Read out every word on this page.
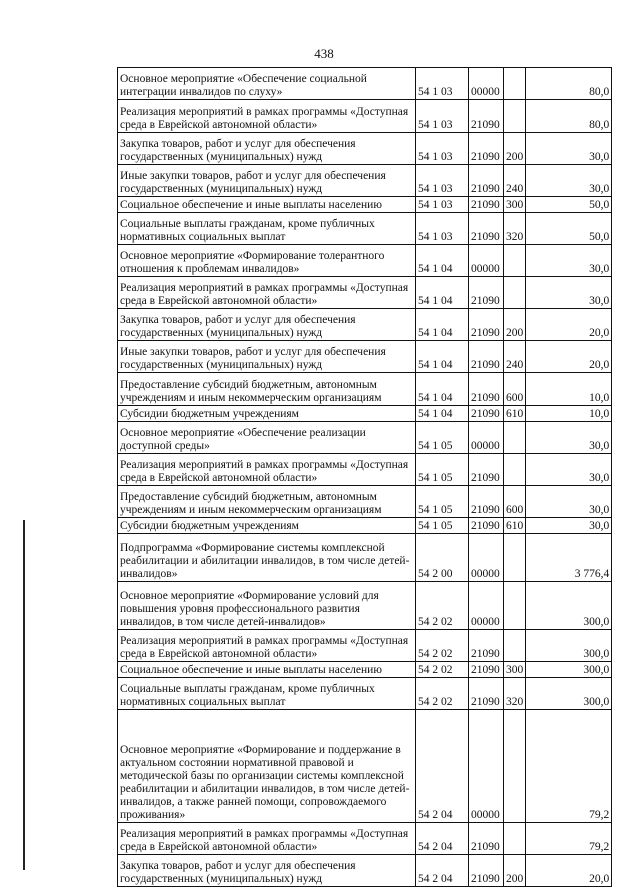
438
Основное мероприятие «Обеспечение социальной интеграции инвалидов по слуху»	54 1 03	00000		80,0
Реализация мероприятий в рамках программы «Доступная среда в Еврейской автономной области»	54 1 03	21090		80,0
Закупка товаров, работ и услуг для обеспечения государственных (муниципальных) нужд	54 1 03	21090	200	30,0
Иные закупки товаров, работ и услуг для обеспечения государственных (муниципальных) нужд	54 1 03	21090	240	30,0
Социальное обеспечение и иные выплаты населению	54 1 03	21090	300	50,0
Социальные выплаты гражданам, кроме публичных нормативных социальных выплат	54 1 03	21090	320	50,0
Основное мероприятие «Формирование толерантного отношения к проблемам инвалидов»	54 1 04	00000		30,0
Реализация мероприятий в рамках программы «Доступная среда в Еврейской автономной области»	54 1 04	21090		30,0
Закупка товаров, работ и услуг для обеспечения государственных (муниципальных) нужд	54 1 04	21090	200	20,0
Иные закупки товаров, работ и услуг для обеспечения государственных (муниципальных) нужд	54 1 04	21090	240	20,0
Предоставление субсидий бюджетным, автономным учреждениям и иным некоммерческим организациям	54 1 04	21090	600	10,0
Субсидии бюджетным учреждениям	54 1 04	21090	610	10,0
Основное мероприятие «Обеспечение реализации доступной среды»	54 1 05	00000		30,0
Реализация мероприятий в рамках программы «Доступная среда в Еврейской автономной области»	54 1 05	21090		30,0
Предоставление субсидий бюджетным, автономным учреждениям и иным некоммерческим организациям	54 1 05	21090	600	30,0
Субсидии бюджетным учреждениям	54 1 05	21090	610	30,0
Подпрограмма «Формирование системы комплексной реабилитации и абилитации инвалидов, в том числе детей-инвалидов»	54 2 00	00000		3 776,4
Основное мероприятие «Формирование условий для повышения уровня профессионального развития инвалидов, в том числе детей-инвалидов»	54 2 02	00000		300,0
Реализация мероприятий в рамках программы «Доступная среда в Еврейской автономной области»	54 2 02	21090		300,0
Социальное обеспечение и иные выплаты населению	54 2 02	21090	300	300,0
Социальные выплаты гражданам, кроме публичных нормативных социальных выплат	54 2 02	21090	320	300,0
Основное мероприятие «Формирование и поддержание в актуальном состоянии нормативной правовой и методической базы по организации системы комплексной реабилитации и абилитации инвалидов, в том числе детей-инвалидов, а также ранней помощи, сопровождаемого проживания»	54 2 04	00000		79,2
Реализация мероприятий в рамках программы «Доступная среда в Еврейской автономной области»	54 2 04	21090		79,2
Закупка товаров, работ и услуг для обеспечения государственных (муниципальных) нужд	54 2 04	21090	200	20,0
